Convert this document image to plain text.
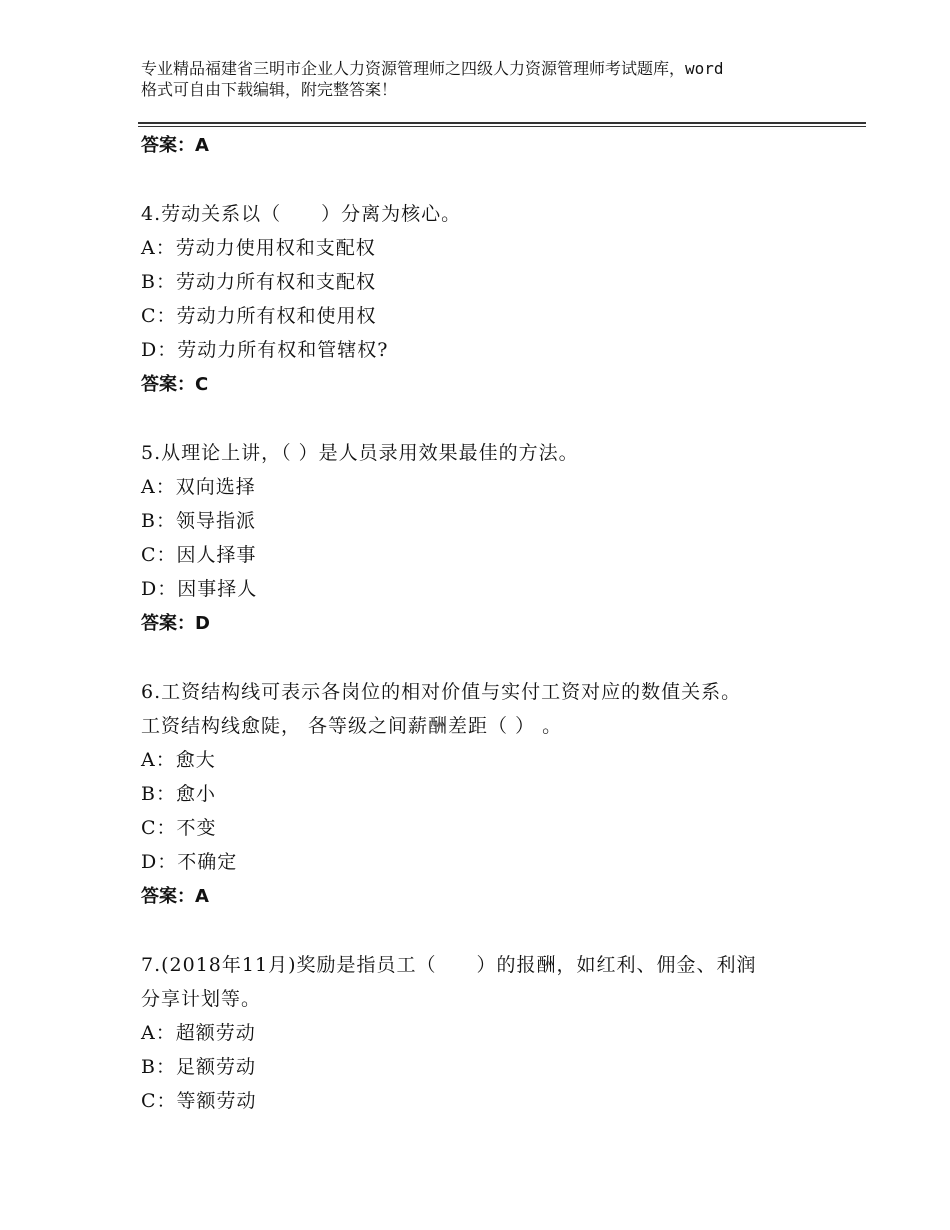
专业精品福建省三明市企业人力资源管理师之四级人力资源管理师考试题库，word
格式可自由下载编辑，附完整答案！
答案：A
4.劳动关系以（　　）分离为核心。
A：劳动力使用权和支配权
B：劳动力所有权和支配权
C：劳动力所有权和使用权
D：劳动力所有权和管辖权?
答案：C
5.从理论上讲，（ ）是人员录用效果最佳的方法。
A：双向选择
B：领导指派
C：因人择事
D：因事择人
答案：D
6.工资结构线可表示各岗位的相对价值与实付工资对应的数值关系。
工资结构线愈陡， 各等级之间薪酬差距（ ） 。
A：愈大
B：愈小
C：不变
D：不确定
答案：A
7.(2018年11月)奖励是指员工（　　）的报酬，如红利、佣金、利润
分享计划等。
A：超额劳动
B：足额劳动
C：等额劳动
